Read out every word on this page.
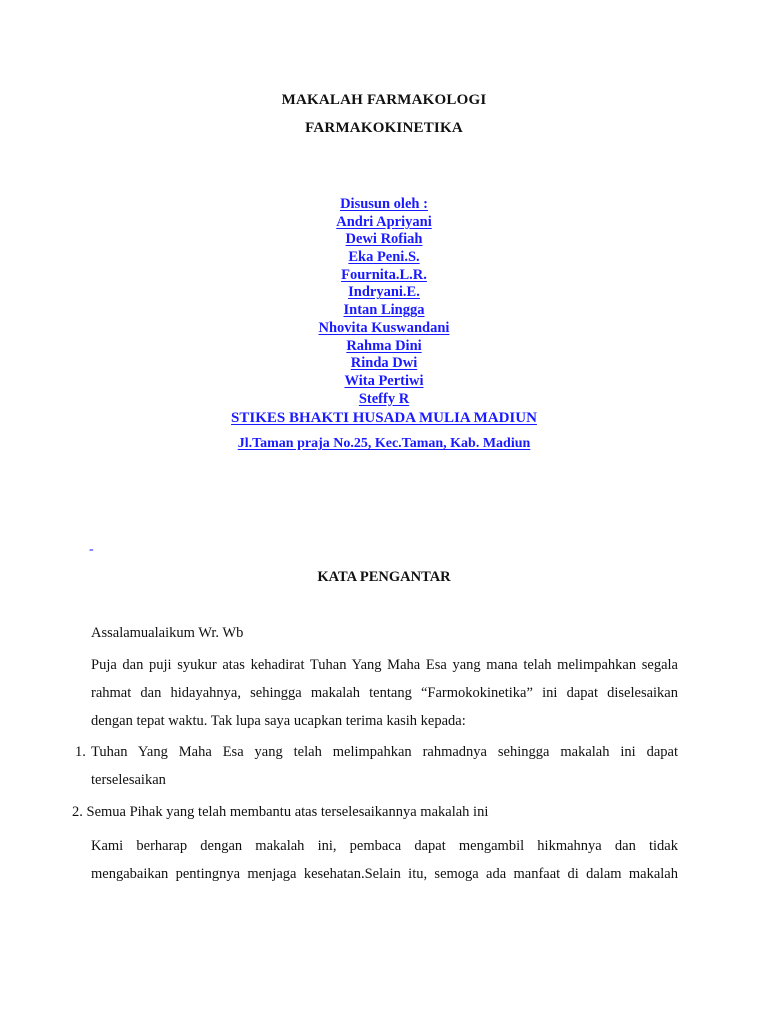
MAKALAH FARMAKOLOGI
FARMAKOKINETIKA
Disusun oleh :
Andri Apriyani
Dewi Rofiah
Eka Peni.S.
Fournita.L.R.
Indryani.E.
Intan Lingga
Nhovita Kuswandani
Rahma Dini
Rinda Dwi
Wita Pertiwi
Steffy R
STIKES BHAKTI HUSADA MULIA MADIUN
Jl.Taman praja No.25, Kec.Taman, Kab. Madiun
-
KATA PENGANTAR
Assalamualaikum Wr. Wb
Puja dan puji syukur atas kehadirat Tuhan Yang Maha Esa yang mana telah melimpahkan segala
rahmat dan hidayahnya, sehingga makalah tentang “Farmokokinetika” ini dapat diselesaikan
dengan tepat waktu. Tak lupa saya ucapkan terima kasih kepada:
1. Tuhan Yang Maha Esa yang telah melimpahkan rahmadnya sehingga makalah ini dapat
terselesaikan
2. Semua Pihak yang telah membantu atas terselesaikannya makalah ini
Kami berharap dengan makalah ini, pembaca dapat mengambil hikmahnya dan tidak
mengabaikan pentingnya menjaga kesehatan.Selain itu, semoga ada manfaat di dalam makalah
